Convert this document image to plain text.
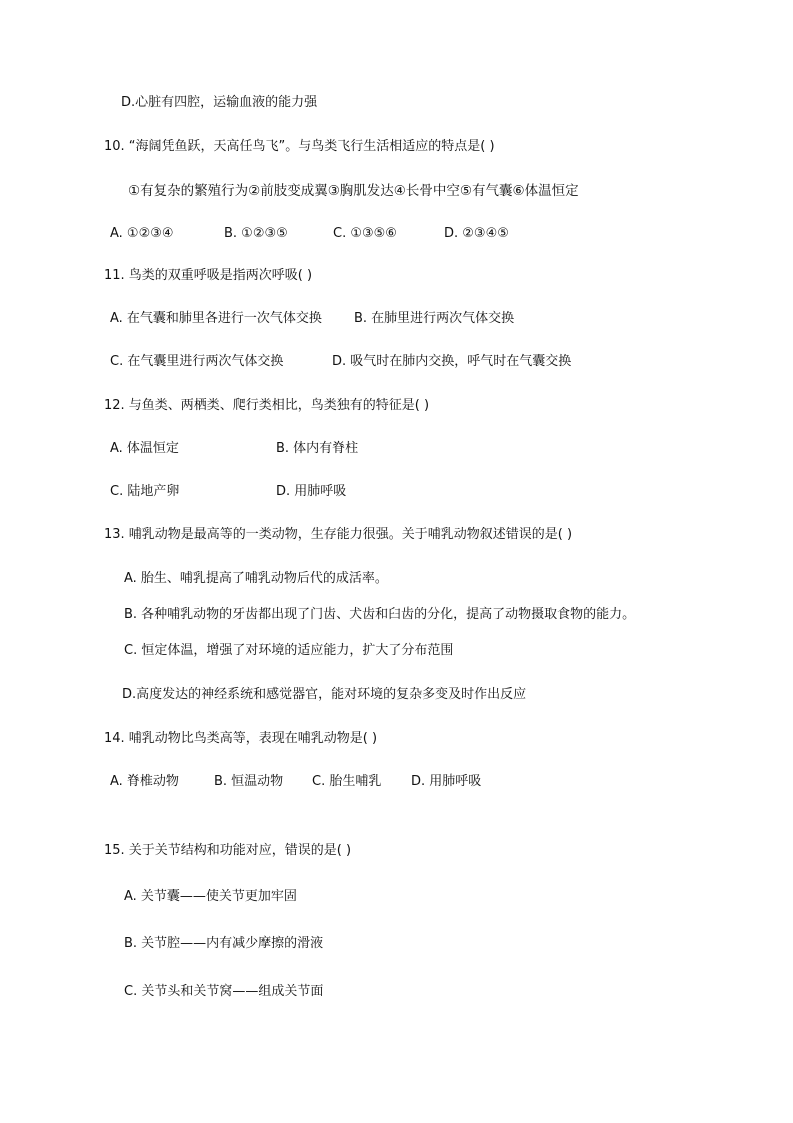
D.心脏有四腔，运输血液的能力强
10. “海阔凭鱼跃，天高任鸟飞”。与鸟类飞行生活相适应的特点是( )
①有复杂的繁殖行为②前肢变成翼③胸肌发达④长骨中空⑤有气囊⑥体温恒定
A. ①②③④	B. ①②③⑤	C. ①③⑤⑥	D. ②③④⑤
11. 鸟类的双重呼吸是指两次呼吸( )
A. 在气囊和肺里各进行一次气体交换 B. 在肺里进行两次气体交换
C. 在气囊里进行两次气体交换	D. 吸气时在肺内交换，呼气时在气囊交换
12. 与鱼类、两栖类、爬行类相比，鸟类独有的特征是( )
A. 体温恒定	B. 体内有脊柱
C. 陆地产卵	D. 用肺呼吸
13. 哺乳动物是最高等的一类动物，生存能力很强。关于哺乳动物叙述错误的是( )
A. 胎生、哺乳提高了哺乳动物后代的成活率。
B. 各种哺乳动物的牙齿都出现了门齿、犬齿和臼齿的分化，提高了动物摄取食物的能力。
C. 恒定体温，增强了对环境的适应能力，扩大了分布范围
D.高度发达的神经系统和感觉器官，能对环境的复杂多变及时作出反应
14. 哺乳动物比鸟类高等，表现在哺乳动物是( )
A. 脊椎动物	B. 恒温动物 C. 胎生哺乳 D. 用肺呼吸
15. 关于关节结构和功能对应，错误的是( )
A. 关节囊——使关节更加牢固
B. 关节腔——内有减少摩擦的滑液
C. 关节头和关节窝——组成关节面
